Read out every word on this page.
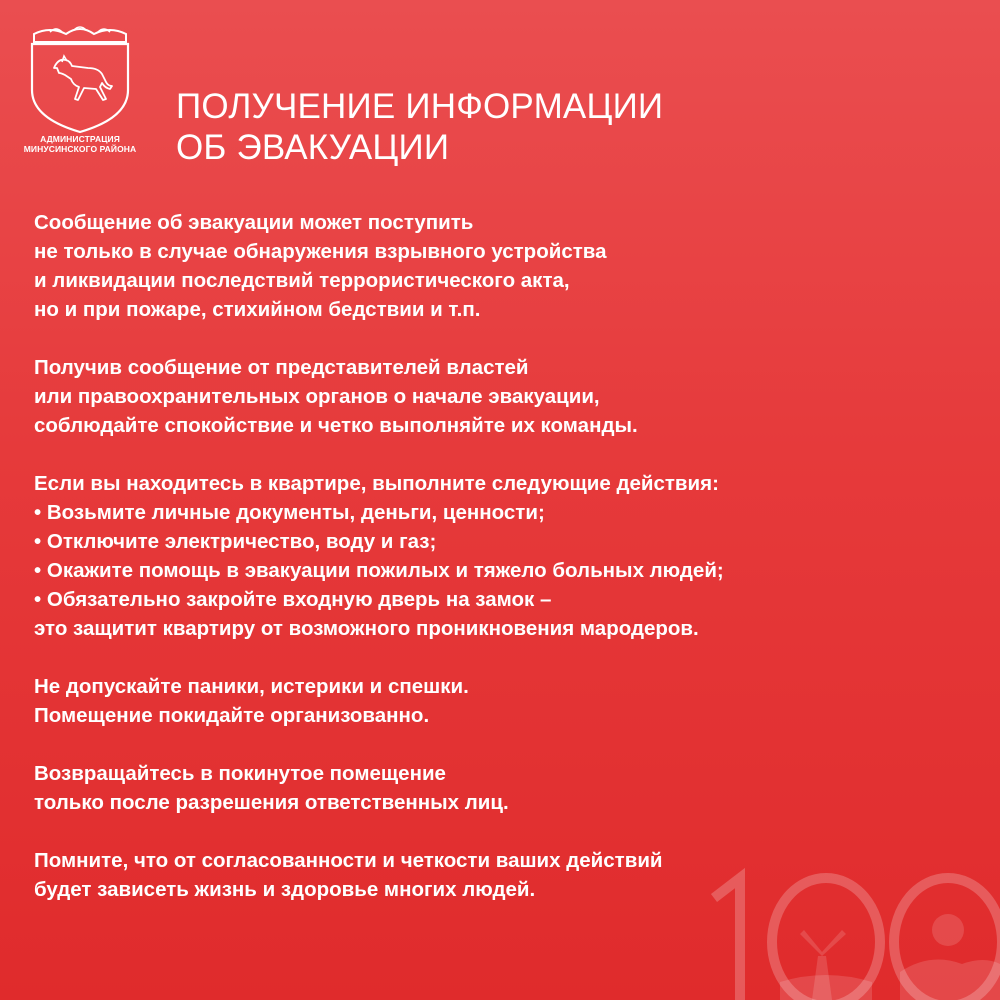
АДМИНИСТРАЦИЯ
МИНУСИНСКОГО РАЙОНА
ПОЛУЧЕНИЕ ИНФОРМАЦИИ
ОБ ЭВАКУАЦИИ
Сообщение об эвакуации может поступить
не только в случае обнаружения взрывного устройства
и ликвидации последствий террористического акта,
но и при пожаре, стихийном бедствии и т.п.
Получив сообщение от представителей властей
или правоохранительных органов о начале эвакуации,
соблюдайте спокойствие и четко выполняйте их команды.
Если вы находитесь в квартире, выполните следующие действия:
• Возьмите личные документы, деньги, ценности;
• Отключите электричество, воду и газ;
• Окажите помощь в эвакуации пожилых и тяжело больных людей;
• Обязательно закройте входную дверь на замок –
это защитит квартиру от возможного проникновения мародеров.
Не допускайте паники, истерики и спешки.
Помещение покидайте организованно.
Возвращайтесь в покинутое помещение
только после разрешения ответственных лиц.
Помните, что от согласованности и четкости ваших действий
будет зависеть жизнь и здоровье многих людей.
